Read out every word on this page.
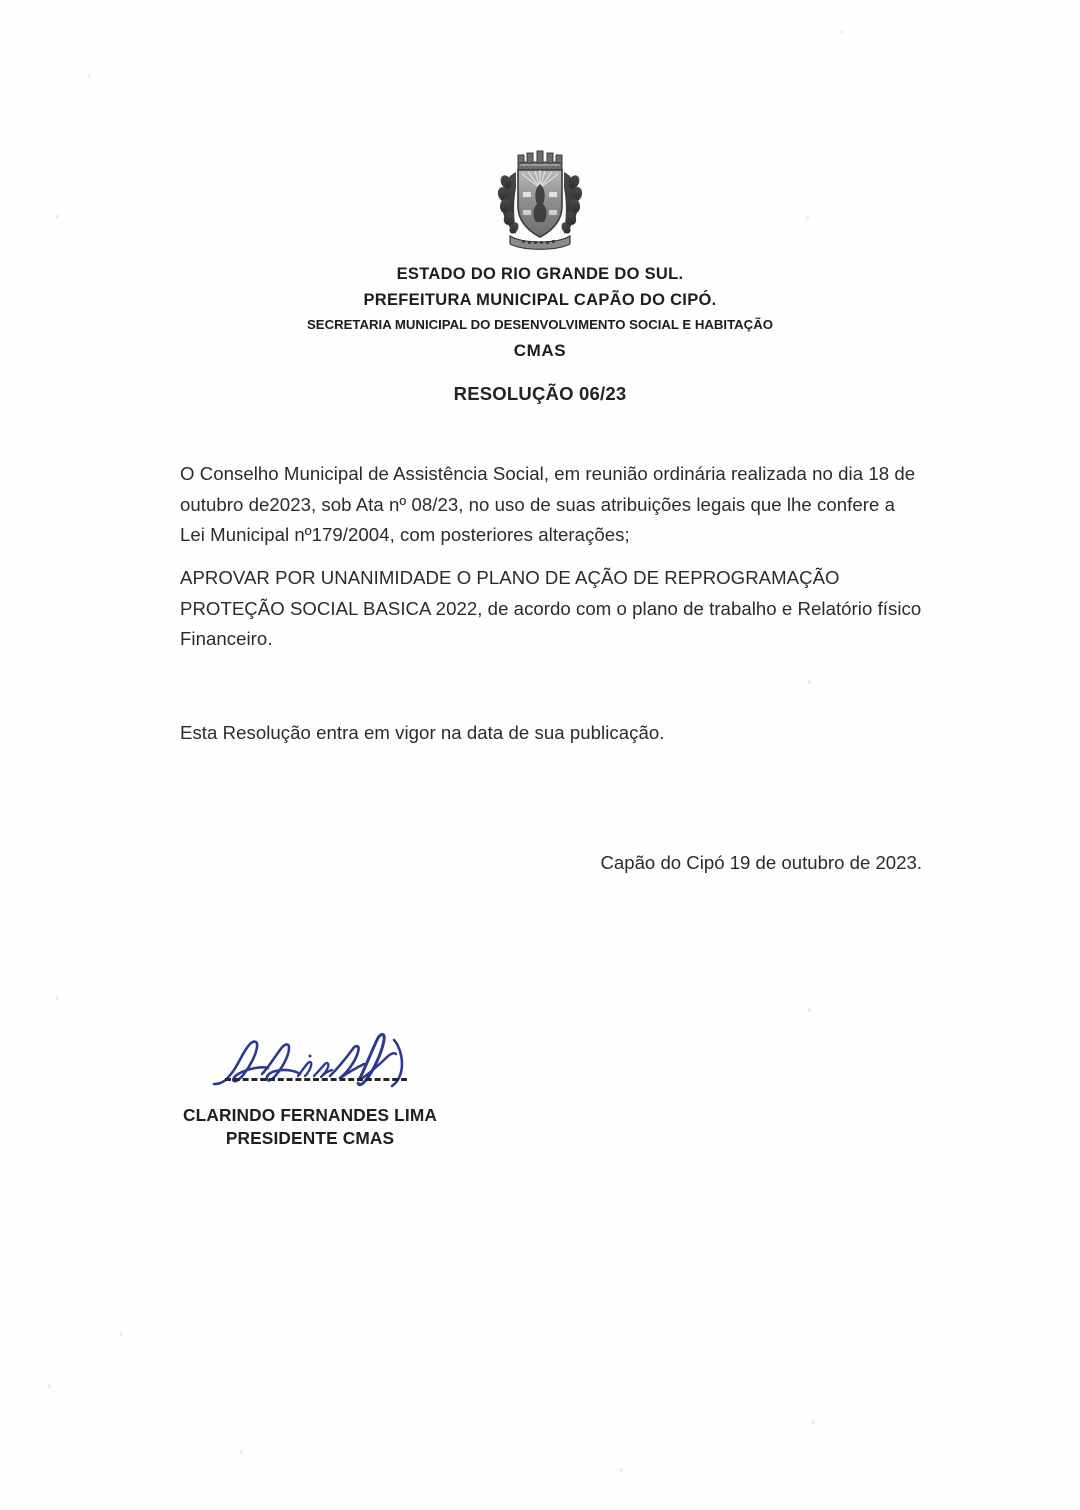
ESTADO DO RIO GRANDE DO SUL.
PREFEITURA MUNICIPAL CAPÃO DO CIPÓ.
SECRETARIA MUNICIPAL DO DESENVOLVIMENTO SOCIAL E HABITAÇÃO
CMAS
RESOLUÇÃO 06/23
O Conselho Municipal de Assistência Social, em reunião ordinária realizada no dia 18 de outubro de2023, sob Ata nº 08/23, no uso de suas atribuições legais que lhe confere a Lei Municipal nº179/2004, com posteriores alterações;
APROVAR POR UNANIMIDADE O PLANO DE AÇÃO DE REPROGRAMAÇÃO PROTEÇÃO SOCIAL BASICA 2022, de acordo com o plano de trabalho e Relatório físico Financeiro.
Esta Resolução entra em vigor na data de sua publicação.
Capão do Cipó 19 de outubro de 2023.
CLARINDO FERNANDES LIMA
PRESIDENTE CMAS
